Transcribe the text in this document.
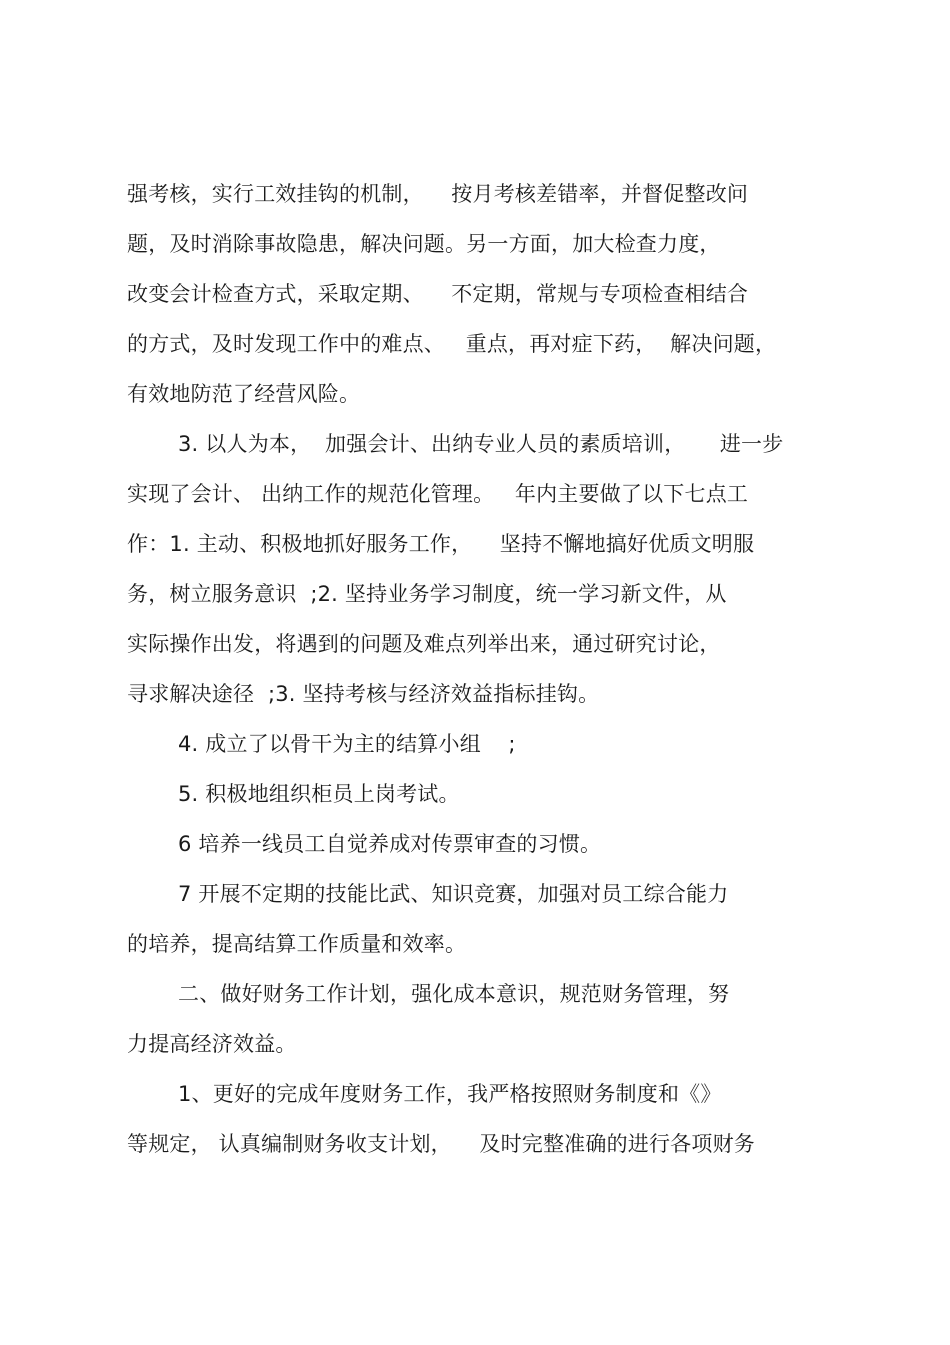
强考核，实行工效挂钩的机制，    按月考核差错率，并督促整改问
题，及时消除事故隐患，解决问题。另一方面，加大检查力度，
改变会计检查方式，采取定期、    不定期，常规与专项检查相结合
的方式，及时发现工作中的难点、   重点，再对症下药，  解决问题，
有效地防范了经营风险。
3. 以人为本，  加强会计、出纳专业人员的素质培训，     进一步
实现了会计、 出纳工作的规范化管理。   年内主要做了以下七点工
作：1. 主动、积极地抓好服务工作，    坚持不懈地搞好优质文明服
务，树立服务意识  ;2. 坚持业务学习制度，统一学习新文件，从
实际操作出发，将遇到的问题及难点列举出来，通过研究讨论，
寻求解决途径  ;3. 坚持考核与经济效益指标挂钩。
4. 成立了以骨干为主的结算小组    ;
5. 积极地组织柜员上岗考试。
6 培养一线员工自觉养成对传票审查的习惯。
7 开展不定期的技能比武、知识竞赛，加强对员工综合能力
的培养，提高结算工作质量和效率。
二、做好财务工作计划，强化成本意识，规范财务管理，努
力提高经济效益。
1、更好的完成年度财务工作，我严格按照财务制度和《》
等规定， 认真编制财务收支计划，    及时完整准确的进行各项财务
